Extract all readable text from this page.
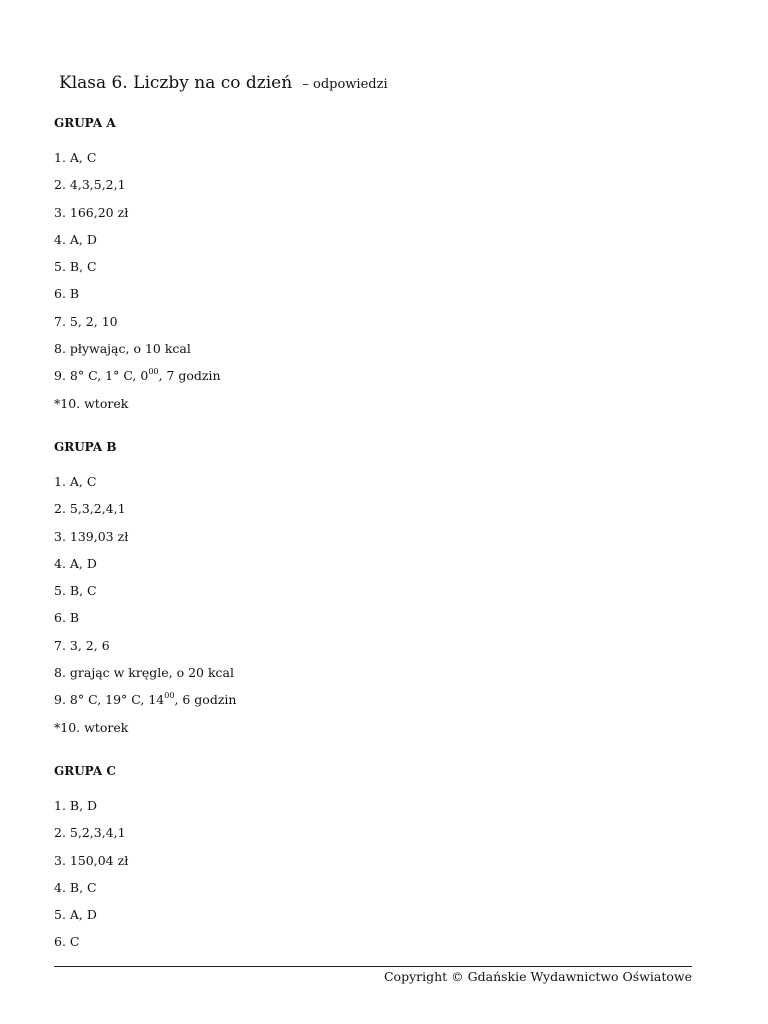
Klasa 6. Liczby na co dzień – odpowiedzi
GRUPA A
1. A, C
2. 4,3,5,2,1
3. 166,20 zł
4. A, D
5. B, C
6. B
7. 5, 2, 10
8. pływając, o 10 kcal
9. 8° C, 1° C, $0^{00}$, 7 godzin
*10. wtorek
GRUPA B
1. A, C
2. 5,3,2,4,1
3. 139,03 zł
4. A, D
5. B, C
6. B
7. 3, 2, 6
8. grając w kręgle, o 20 kcal
9. 8° C, 19° C, $14^{00}$, 6 godzin
*10. wtorek
GRUPA C
1. B, D
2. 5,2,3,4,1
3. 150,04 zł
4. B, C
5. A, D
6. C
Copyright © Gdańskie Wydawnictwo Oświatowe
